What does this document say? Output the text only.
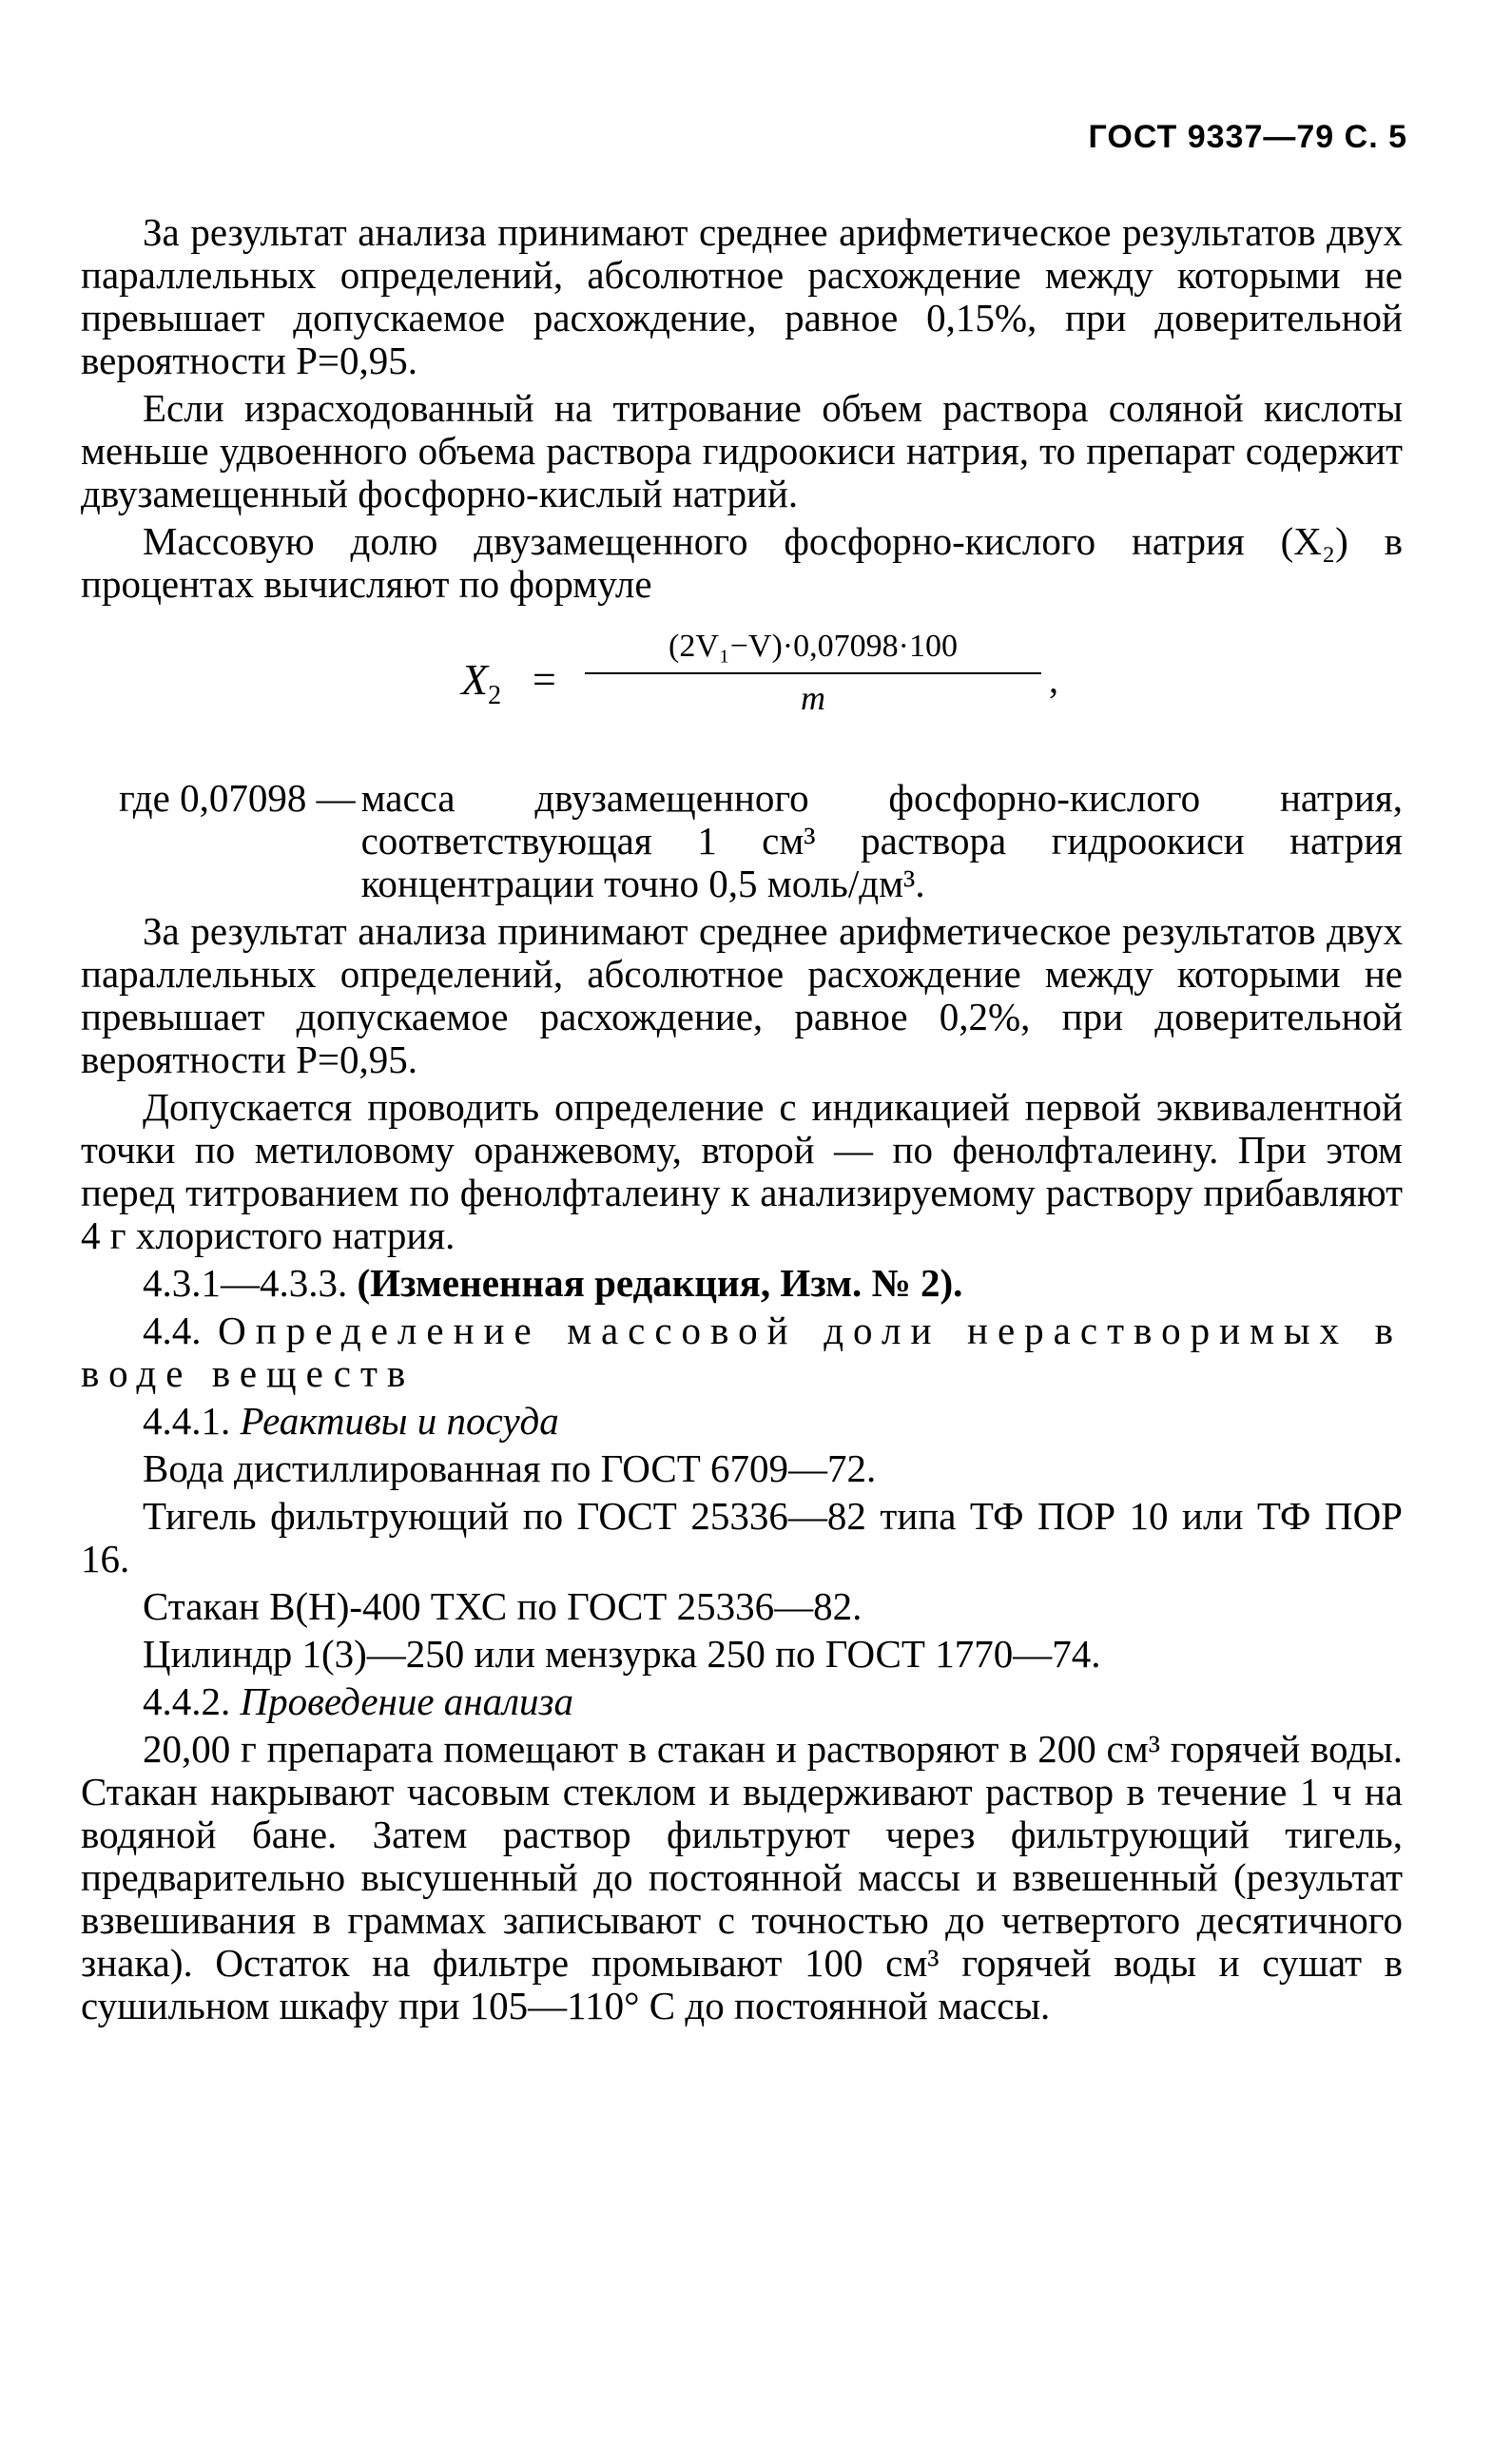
ГОСТ 9337—79 С. 5

За результат анализа принимают среднее арифметическое результатов двух параллельных определений, абсолютное расхождение между которыми не превышает допускаемое расхождение, равное 0,15%, при доверительной вероятности P=0,95.

Если израсходованный на титрование объем раствора соляной кислоты меньше удвоенного объема раствора гидроокиси натрия, то препарат содержит двузамещенный фосфорно-кислый натрий.

Массовую долю двузамещенного фосфорно-кислого натрия (X₂) в процентах вычисляют по формуле

$X_2$ =
(2V₁−V)·0,07098·100
m	,
где 0,07098 — масса двузамещенного фосфорно-кислого натрия, соответствующая 1 см³ раствора гидроокиси натрия концентрации точно 0,5 моль/дм³.

За результат анализа принимают среднее арифметическое результатов двух параллельных определений, абсолютное расхождение между которыми не превышает допускаемое расхождение, равное 0,2%, при доверительной вероятности P=0,95.

Допускается проводить определение с индикацией первой эквивалентной точки по метиловому оранжевому, второй — по фенолфталеину. При этом перед титрованием по фенолфталеину к анализируемому раствору прибавляют 4 г хлористого натрия.

4.3.1—4.3.3. (Измененная редакция, Изм. № 2).

4.4. Определение массовой доли нерастворимых в воде веществ

4.4.1. Реактивы и посуда

Вода дистиллированная по ГОСТ 6709—72.

Тигель фильтрующий по ГОСТ 25336—82 типа ТФ ПОР 10 или ТФ ПОР 16.

Стакан В(Н)-400 ТХС по ГОСТ 25336—82.

Цилиндр 1(3)—250 или мензурка 250 по ГОСТ 1770—74.

4.4.2. Проведение анализа

20,00 г препарата помещают в стакан и растворяют в 200 см³ горячей воды. Стакан накрывают часовым стеклом и выдерживают раствор в течение 1 ч на водяной бане. Затем раствор фильтруют через фильтрующий тигель, предварительно высушенный до постоянной массы и взвешенный (результат взвешивания в граммах записывают с точностью до четвертого десятичного знака). Остаток на фильтре промывают 100 см³ горячей воды и сушат в сушильном шкафу при 105—110° С до постоянной массы.
